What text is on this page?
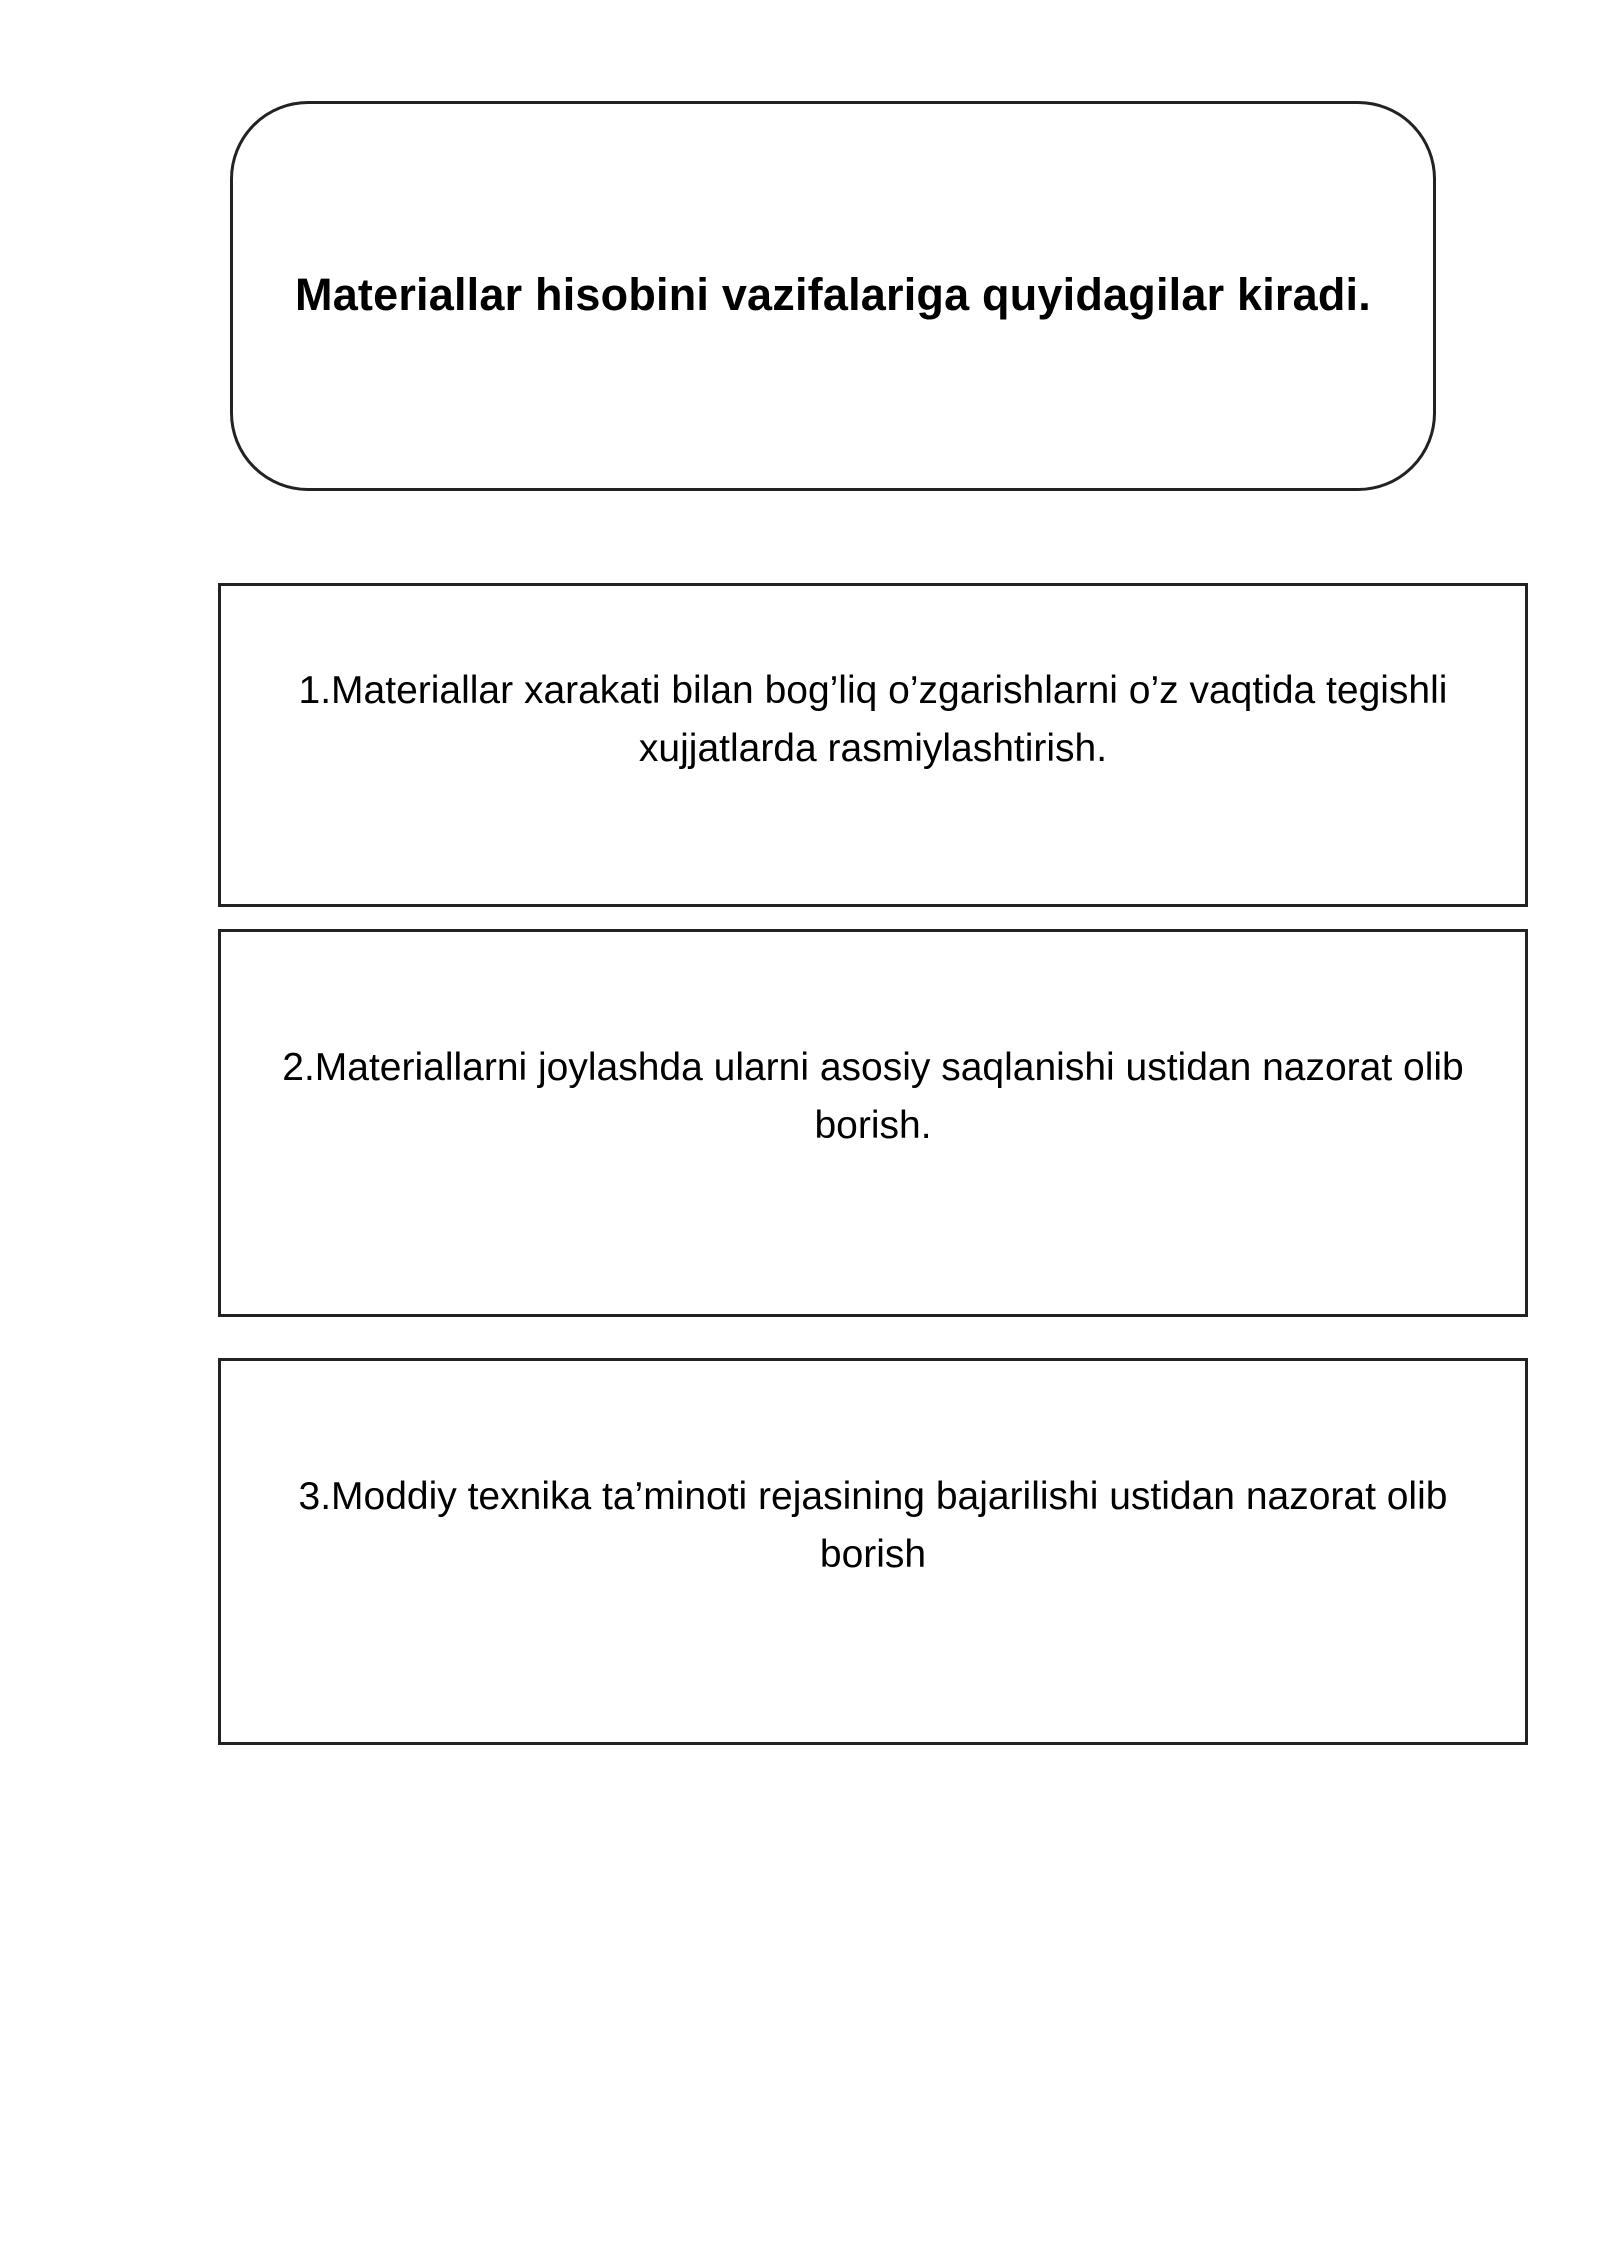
Materiallar hisobini vazifalariga quyidagilar kiradi.
1.Materiallar xarakati bilan bog’liq o’zgarishlarni o’z vaqtida tegishli xujjatlarda rasmiylashtirish.
2.Materiallarni joylashda ularni asosiy saqlanishi ustidan nazorat olib borish.
3.Moddiy texnika ta’minoti rejasining bajarilishi ustidan nazorat olib borish
